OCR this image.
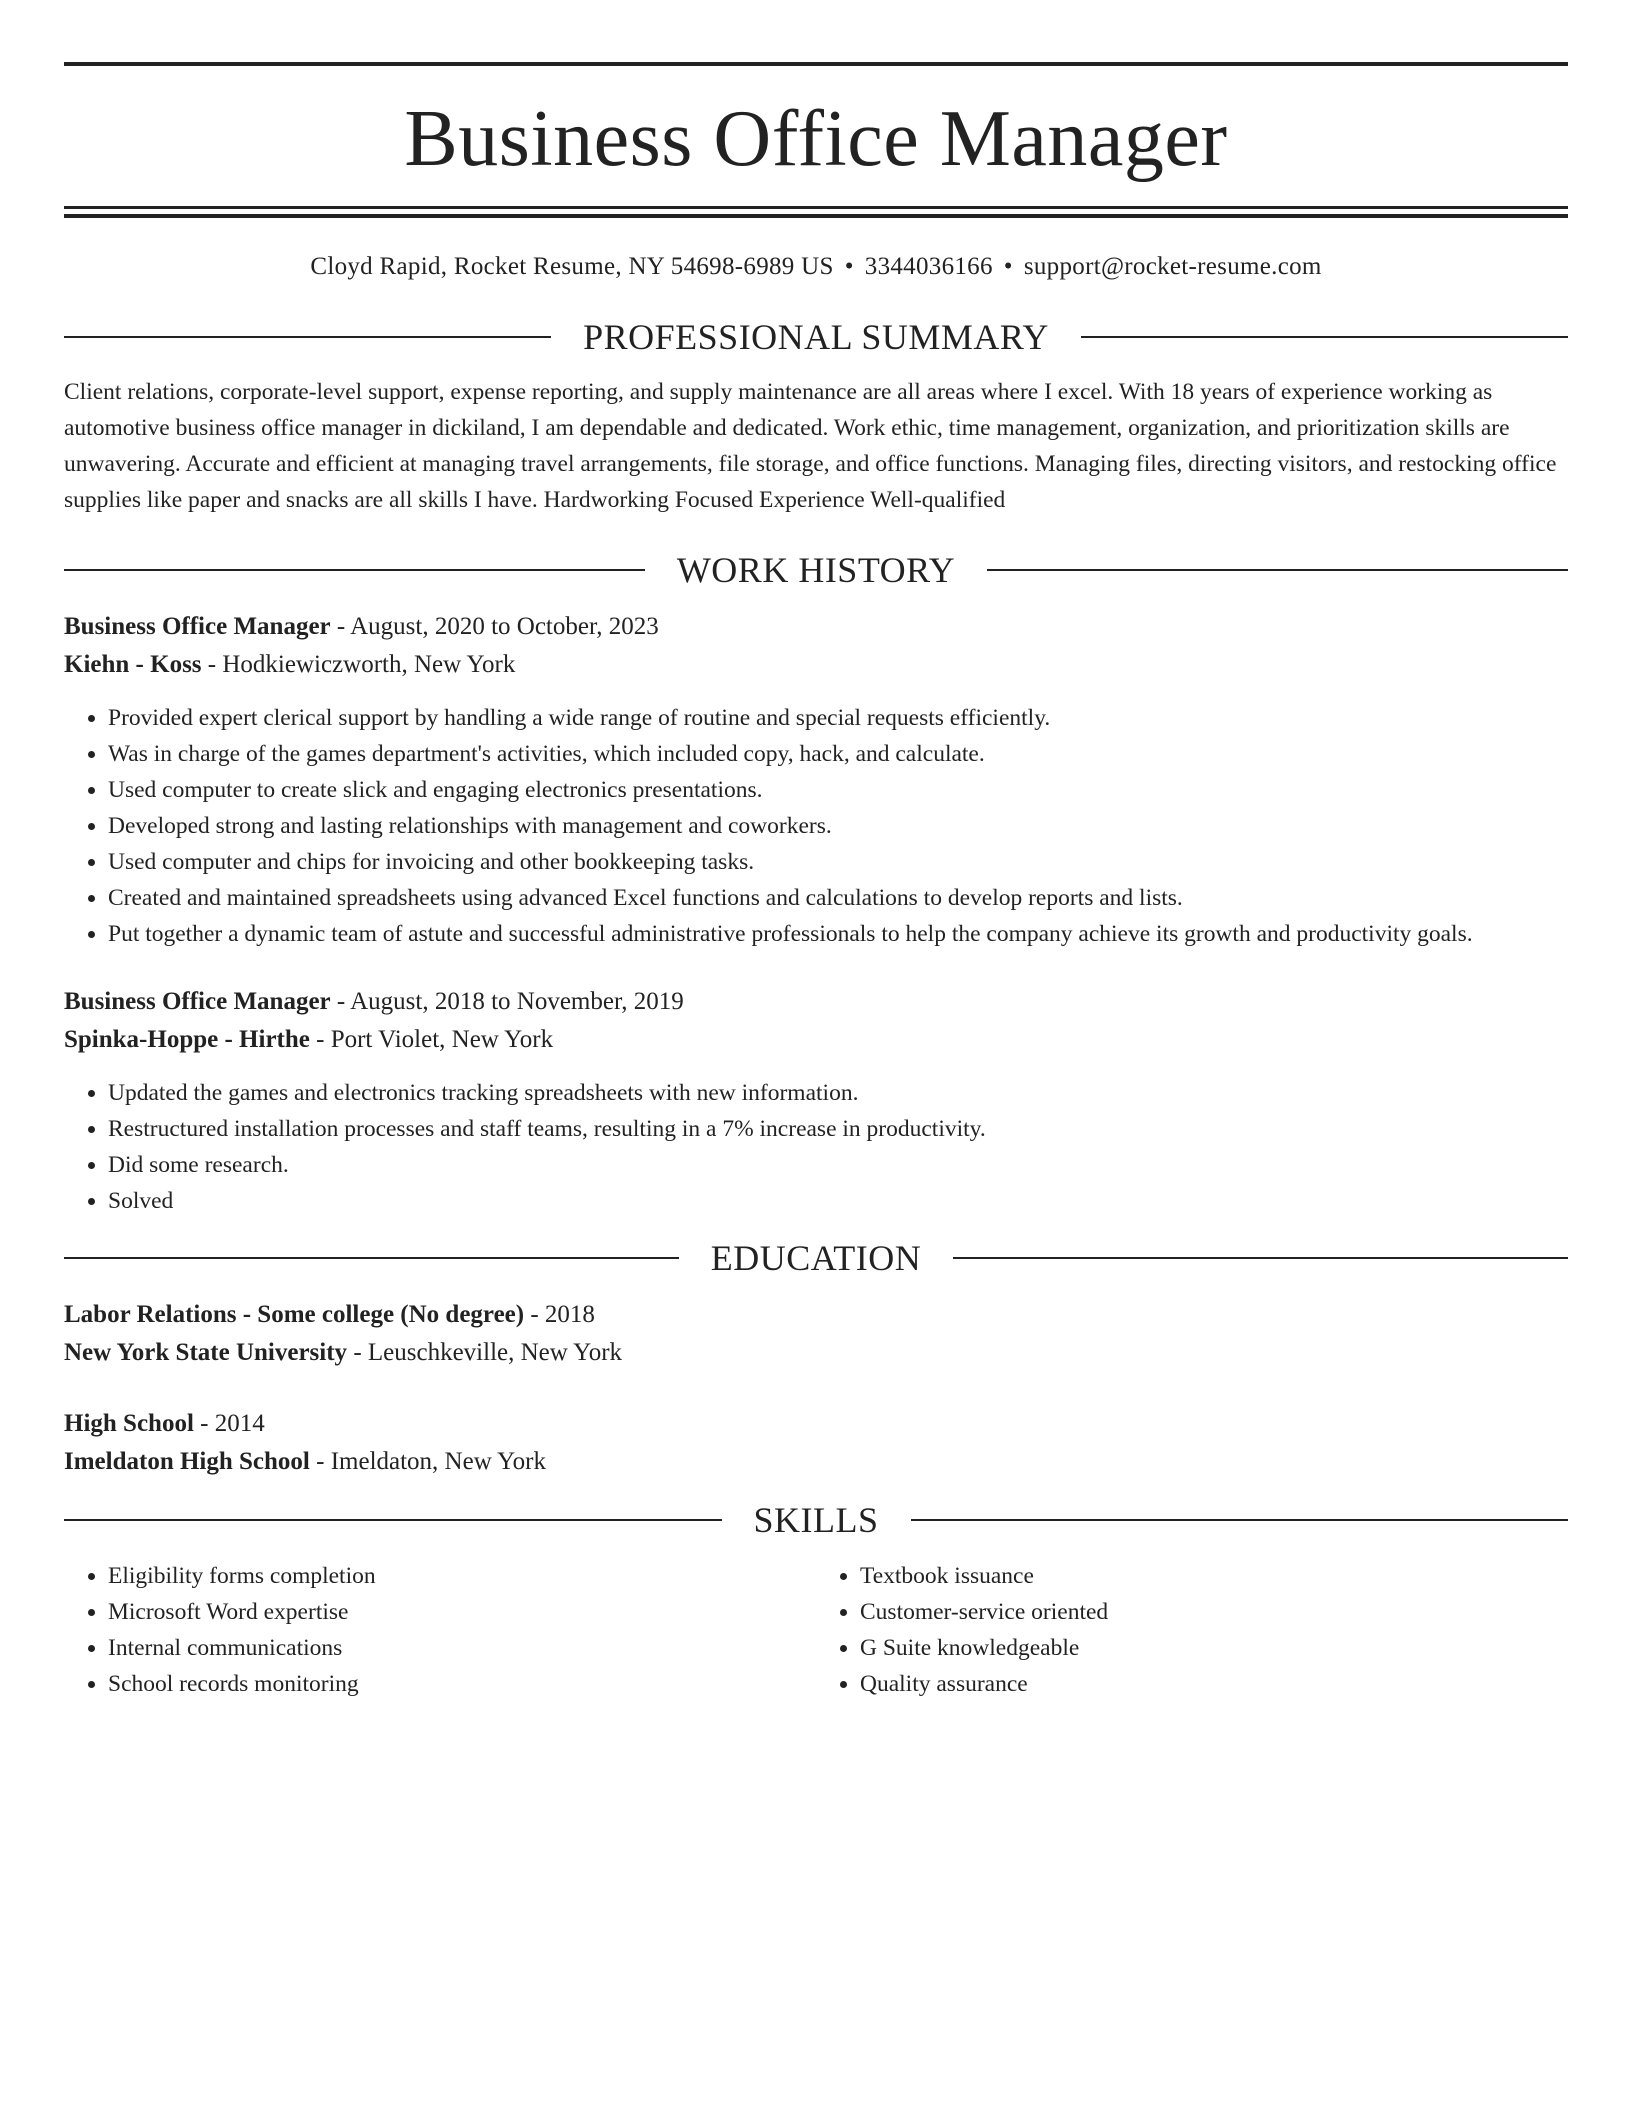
Business Office Manager
Cloyd Rapid, Rocket Resume, NY 54698-6989 US • 3344036166 • support@rocket-resume.com
PROFESSIONAL SUMMARY
Client relations, corporate-level support, expense reporting, and supply maintenance are all areas where I excel. With 18 years of experience working as automotive business office manager in dickiland, I am dependable and dedicated. Work ethic, time management, organization, and prioritization skills are unwavering. Accurate and efficient at managing travel arrangements, file storage, and office functions. Managing files, directing visitors, and restocking office supplies like paper and snacks are all skills I have. Hardworking Focused Experience Well-qualified
WORK HISTORY
Business Office Manager - August, 2020 to October, 2023
Kiehn - Koss - Hodkiewiczworth, New York
• Provided expert clerical support by handling a wide range of routine and special requests efficiently.
• Was in charge of the games department's activities, which included copy, hack, and calculate.
• Used computer to create slick and engaging electronics presentations.
• Developed strong and lasting relationships with management and coworkers.
• Used computer and chips for invoicing and other bookkeeping tasks.
• Created and maintained spreadsheets using advanced Excel functions and calculations to develop reports and lists.
• Put together a dynamic team of astute and successful administrative professionals to help the company achieve its growth and productivity goals.
Business Office Manager - August, 2018 to November, 2019
Spinka-Hoppe - Hirthe - Port Violet, New York
• Updated the games and electronics tracking spreadsheets with new information.
• Restructured installation processes and staff teams, resulting in a 7% increase in productivity.
• Did some research.
• Solved
EDUCATION
Labor Relations - Some college (No degree) - 2018
New York State University - Leuschkeville, New York
High School - 2014
Imeldaton High School - Imeldaton, New York
SKILLS
• Eligibility forms completion
• Microsoft Word expertise
• Internal communications
• School records monitoring
• Textbook issuance
• Customer-service oriented
• G Suite knowledgeable
• Quality assurance
